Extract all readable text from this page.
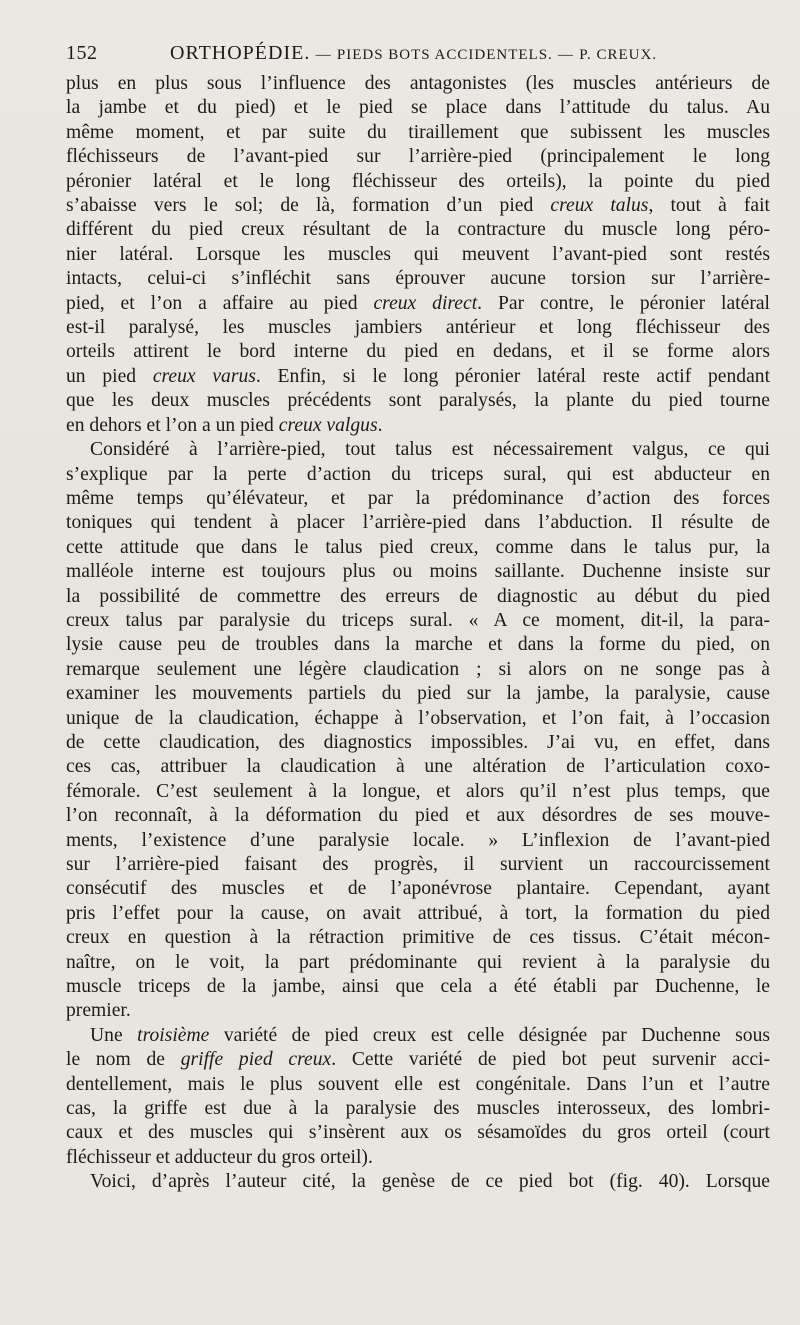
152	ORTHOPÉDIE. — PIEDS BOTS ACCIDENTELS. — P. CREUX.
plus en plus sous l’influence des antagonistes (les muscles antérieurs de
la jambe et du pied) et le pied se place dans l’attitude du talus. Au
même moment, et par suite du tiraillement que subissent les muscles
fléchisseurs de l’avant-pied sur l’arrière-pied (principalement le long
péronier latéral et le long fléchisseur des orteils), la pointe du pied
s’abaisse vers le sol; de là, formation d’un pied creux talus, tout à fait
différent du pied creux résultant de la contracture du muscle long péro-
nier latéral. Lorsque les muscles qui meuvent l’avant-pied sont restés
intacts, celui-ci s’infléchit sans éprouver aucune torsion sur l’arrière-
pied, et l’on a affaire au pied creux direct. Par contre, le péronier latéral
est-il paralysé, les muscles jambiers antérieur et long fléchisseur des
orteils attirent le bord interne du pied en dedans, et il se forme alors
un pied creux varus. Enfin, si le long péronier latéral reste actif pendant
que les deux muscles précédents sont paralysés, la plante du pied tourne
en dehors et l’on a un pied creux valgus.
Considéré à l’arrière-pied, tout talus est nécessairement valgus, ce qui
s’explique par la perte d’action du triceps sural, qui est abducteur en
même temps qu’élévateur, et par la prédominance d’action des forces
toniques qui tendent à placer l’arrière-pied dans l’abduction. Il résulte de
cette attitude que dans le talus pied creux, comme dans le talus pur, la
malléole interne est toujours plus ou moins saillante. Duchenne insiste sur
la possibilité de commettre des erreurs de diagnostic au début du pied
creux talus par paralysie du triceps sural. « A ce moment, dit-il, la para-
lysie cause peu de troubles dans la marche et dans la forme du pied, on
remarque seulement une légère claudication ; si alors on ne songe pas à
examiner les mouvements partiels du pied sur la jambe, la paralysie, cause
unique de la claudication, échappe à l’observation, et l’on fait, à l’occasion
de cette claudication, des diagnostics impossibles. J’ai vu, en effet, dans
ces cas, attribuer la claudication à une altération de l’articulation coxo-
fémorale. C’est seulement à la longue, et alors qu’il n’est plus temps, que
l’on reconnaît, à la déformation du pied et aux désordres de ses mouve-
ments, l’existence d’une paralysie locale. » L’inflexion de l’avant-pied
sur l’arrière-pied faisant des progrès, il survient un raccourcissement
consécutif des muscles et de l’aponévrose plantaire. Cependant, ayant
pris l’effet pour la cause, on avait attribué, à tort, la formation du pied
creux en question à la rétraction primitive de ces tissus. C’était mécon-
naître, on le voit, la part prédominante qui revient à la paralysie du
muscle triceps de la jambe, ainsi que cela a été établi par Duchenne, le
premier.
Une troisième variété de pied creux est celle désignée par Duchenne sous
le nom de griffe pied creux. Cette variété de pied bot peut survenir acci-
dentellement, mais le plus souvent elle est congénitale. Dans l’un et l’autre
cas, la griffe est due à la paralysie des muscles interosseux, des lombri-
caux et des muscles qui s’insèrent aux os sésamoïdes du gros orteil (court
fléchisseur et adducteur du gros orteil).
Voici, d’après l’auteur cité, la genèse de ce pied bot (fig. 40). Lorsque
